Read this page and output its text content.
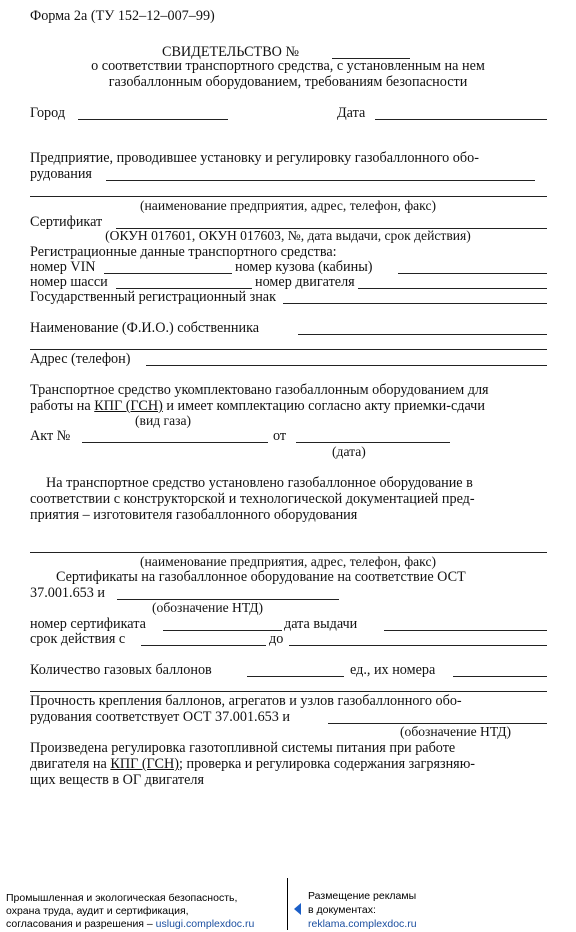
Форма 2а (ТУ 152–12–007–99)
СВИДЕТЕЛЬСТВО №
о соответствии транспортного средства, с установленным на нем
газобаллонным оборудованием, требованиям безопасности
Город	Дата
Предприятие, проводившее установку и регулировку газобаллонного обо-
рудования
(наименование предприятия, адрес, телефон, факс)
Сертификат
(ОКУН 017601, ОКУН 017603, №, дата выдачи, срок действия)
Регистрационные данные транспортного средства:
номер VIN	номер кузова (кабины)
номер шасси	номер двигателя
Государственный регистрационный знак
Наименование (Ф.И.О.) собственника
Адрес (телефон)
Транспортное средство укомплектовано газобаллонным оборудованием для
работы на КПГ (ГСН) и имеет комплектацию согласно акту приемки-сдачи
(вид газа)
Акт №	от
(дата)
На транспортное средство установлено газобаллонное оборудование в
соответствии с конструкторской и технологической документацией пред-
приятия – изготовителя газобаллонного оборудования
(наименование предприятия, адрес, телефон, факс)
Сертификаты на газобаллонное оборудование на соответствие ОСТ
37.001.653 и
(обозначение НТД)
номер сертификата	дата выдачи
срок действия с	до
Количество газовых баллонов	ед., их номера
Прочность крепления баллонов, агрегатов и узлов газобаллонного обо-
рудования соответствует ОСТ 37.001.653 и
(обозначение НТД)
Произведена регулировка газотопливной системы питания при работе
двигателя на КПГ (ГСН); проверка и регулировка содержания загрязняю-
щих веществ в ОГ двигателя
Промышленная и экологическая безопасность,
охрана труда, аудит и сертификация,
согласования и разрешения – uslugi.complexdoc.ru
Размещение рекламы
в документах:
reklama.complexdoc.ru
